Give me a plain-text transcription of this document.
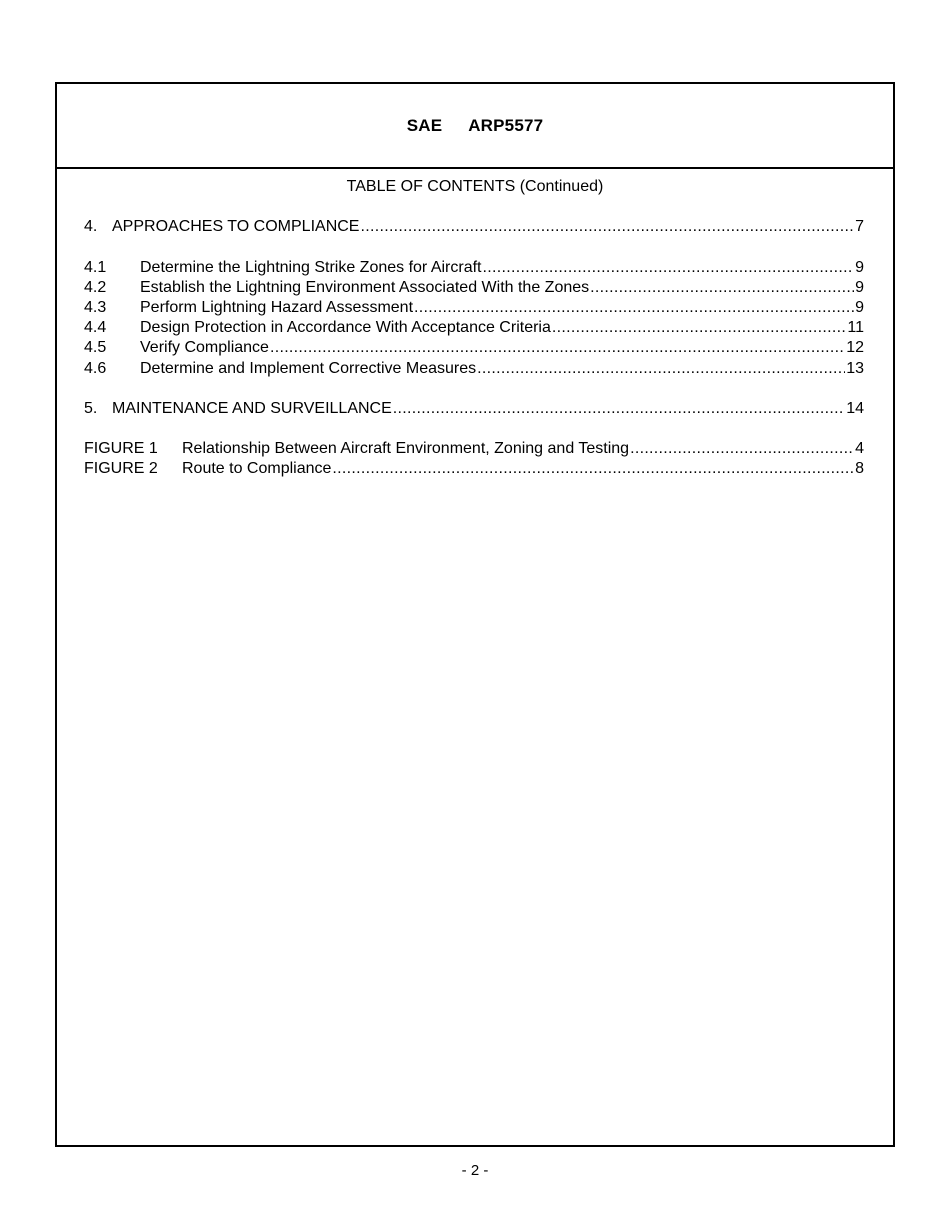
SAE ARP5577
TABLE OF CONTENTS (Continued)
4. APPROACHES TO COMPLIANCE .....	7
4.1	Determine the Lightning Strike Zones for Aircraft .....	9
4.2	Establish the Lightning Environment Associated With the Zones .....	9
4.3	Perform Lightning Hazard Assessment .....	9
4.4	Design Protection in Accordance With Acceptance Criteria .....	11
4.5	Verify Compliance .....	12
4.6	Determine and Implement Corrective Measures .....	13
5. MAINTENANCE AND SURVEILLANCE .....	14
FIGURE 1	Relationship Between Aircraft Environment, Zoning and Testing .....	4
FIGURE 2	Route to Compliance .....	8
- 2 -
